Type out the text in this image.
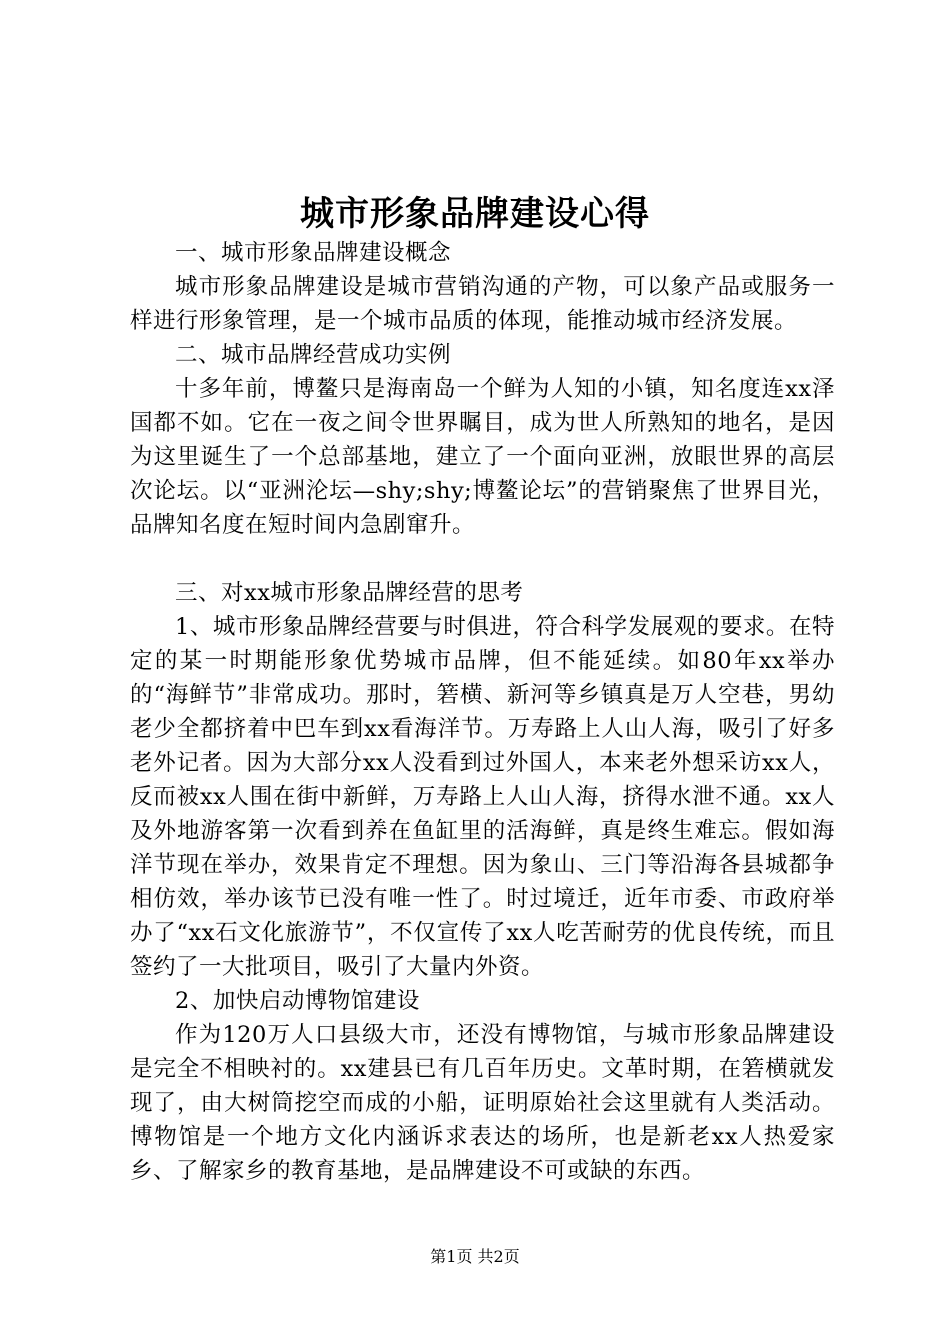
城市形象品牌建设心得

一、城市形象品牌建设概念

城市形象品牌建设是城市营销沟通的产物，可以象产品或服务一样进行形象管理，是一个城市品质的体现，能推动城市经济发展。

二、城市品牌经营成功实例

十多年前，博鳌只是海南岛一个鲜为人知的小镇，知名度连xx泽国都不如。它在一夜之间令世界瞩目，成为世人所熟知的地名，是因为这里诞生了一个总部基地，建立了一个面向亚洲，放眼世界的高层次论坛。以“亚洲沦坛—shy;shy;博鳌论坛”的营销聚焦了世界目光，品牌知名度在短时间内急剧窜升。

三、对xx城市形象品牌经营的思考

1、城市形象品牌经营要与时俱进，符合科学发展观的要求。在特定的某一时期能形象优势城市品牌，但不能延续。如80年xx举办的“海鲜节”非常成功。那时，箬横、新河等乡镇真是万人空巷，男幼老少全都挤着中巴车到xx看海洋节。万寿路上人山人海，吸引了好多老外记者。因为大部分xx人没看到过外国人，本来老外想采访xx人，反而被xx人围在街中新鲜，万寿路上人山人海，挤得水泄不通。xx人及外地游客第一次看到养在鱼缸里的活海鲜，真是终生难忘。假如海洋节现在举办，效果肯定不理想。因为象山、三门等沿海各县城都争相仿效，举办该节已没有唯一性了。时过境迁，近年市委、市政府举办了“xx石文化旅游节”，不仅宣传了xx人吃苦耐劳的优良传统，而且签约了一大批项目，吸引了大量内外资。

2、加快启动博物馆建设

作为120万人口县级大市，还没有博物馆，与城市形象品牌建设是完全不相映衬的。xx建县已有几百年历史。文革时期，在箬横就发现了，由大树筒挖空而成的小船，证明原始社会这里就有人类活动。博物馆是一个地方文化内涵诉求表达的场所，也是新老xx人热爱家乡、了解家乡的教育基地，是品牌建设不可或缺的东西。

第1页 共2页
